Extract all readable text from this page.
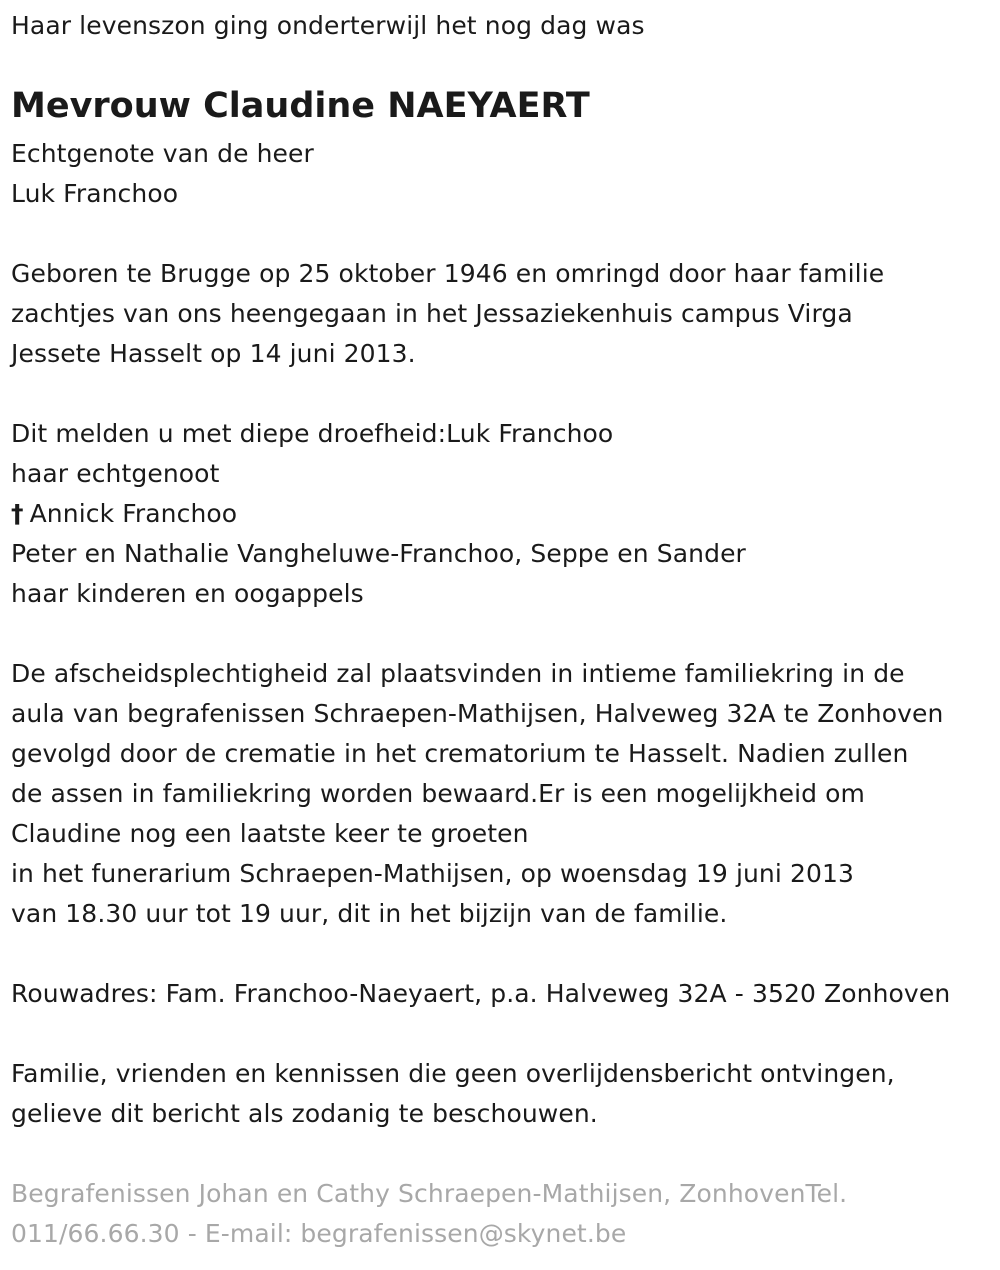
Haar levenszon ging onderterwijl het nog dag was
Mevrouw Claudine NAEYAERT
Echtgenote van de heer
Luk Franchoo
Geboren te Brugge op 25 oktober 1946 en omringd door haar familie
zachtjes van ons heengegaan in het Jessaziekenhuis campus Virga
Jessete Hasselt op 14 juni 2013.
Dit melden u met diepe droefheid:Luk Franchoo
haar echtgenoot
† Annick Franchoo
Peter en Nathalie Vangheluwe-Franchoo, Seppe en Sander
haar kinderen en oogappels
De afscheidsplechtigheid zal plaatsvinden in intieme familiekring in de
aula van begrafenissen Schraepen-Mathijsen, Halveweg 32A te Zonhoven
gevolgd door de crematie in het crematorium te Hasselt. Nadien zullen
de assen in familiekring worden bewaard.Er is een mogelijkheid om
Claudine nog een laatste keer te groeten
in het funerarium Schraepen-Mathijsen, op woensdag 19 juni 2013
van 18.30 uur tot 19 uur, dit in het bijzijn van de familie.
Rouwadres: Fam. Franchoo-Naeyaert, p.a. Halveweg 32A - 3520 Zonhoven
Familie, vrienden en kennissen die geen overlijdensbericht ontvingen,
gelieve dit bericht als zodanig te beschouwen.
Begrafenissen Johan en Cathy Schraepen-Mathijsen, ZonhovenTel.
011/66.66.30 - E-mail: begrafenissen@skynet.be
